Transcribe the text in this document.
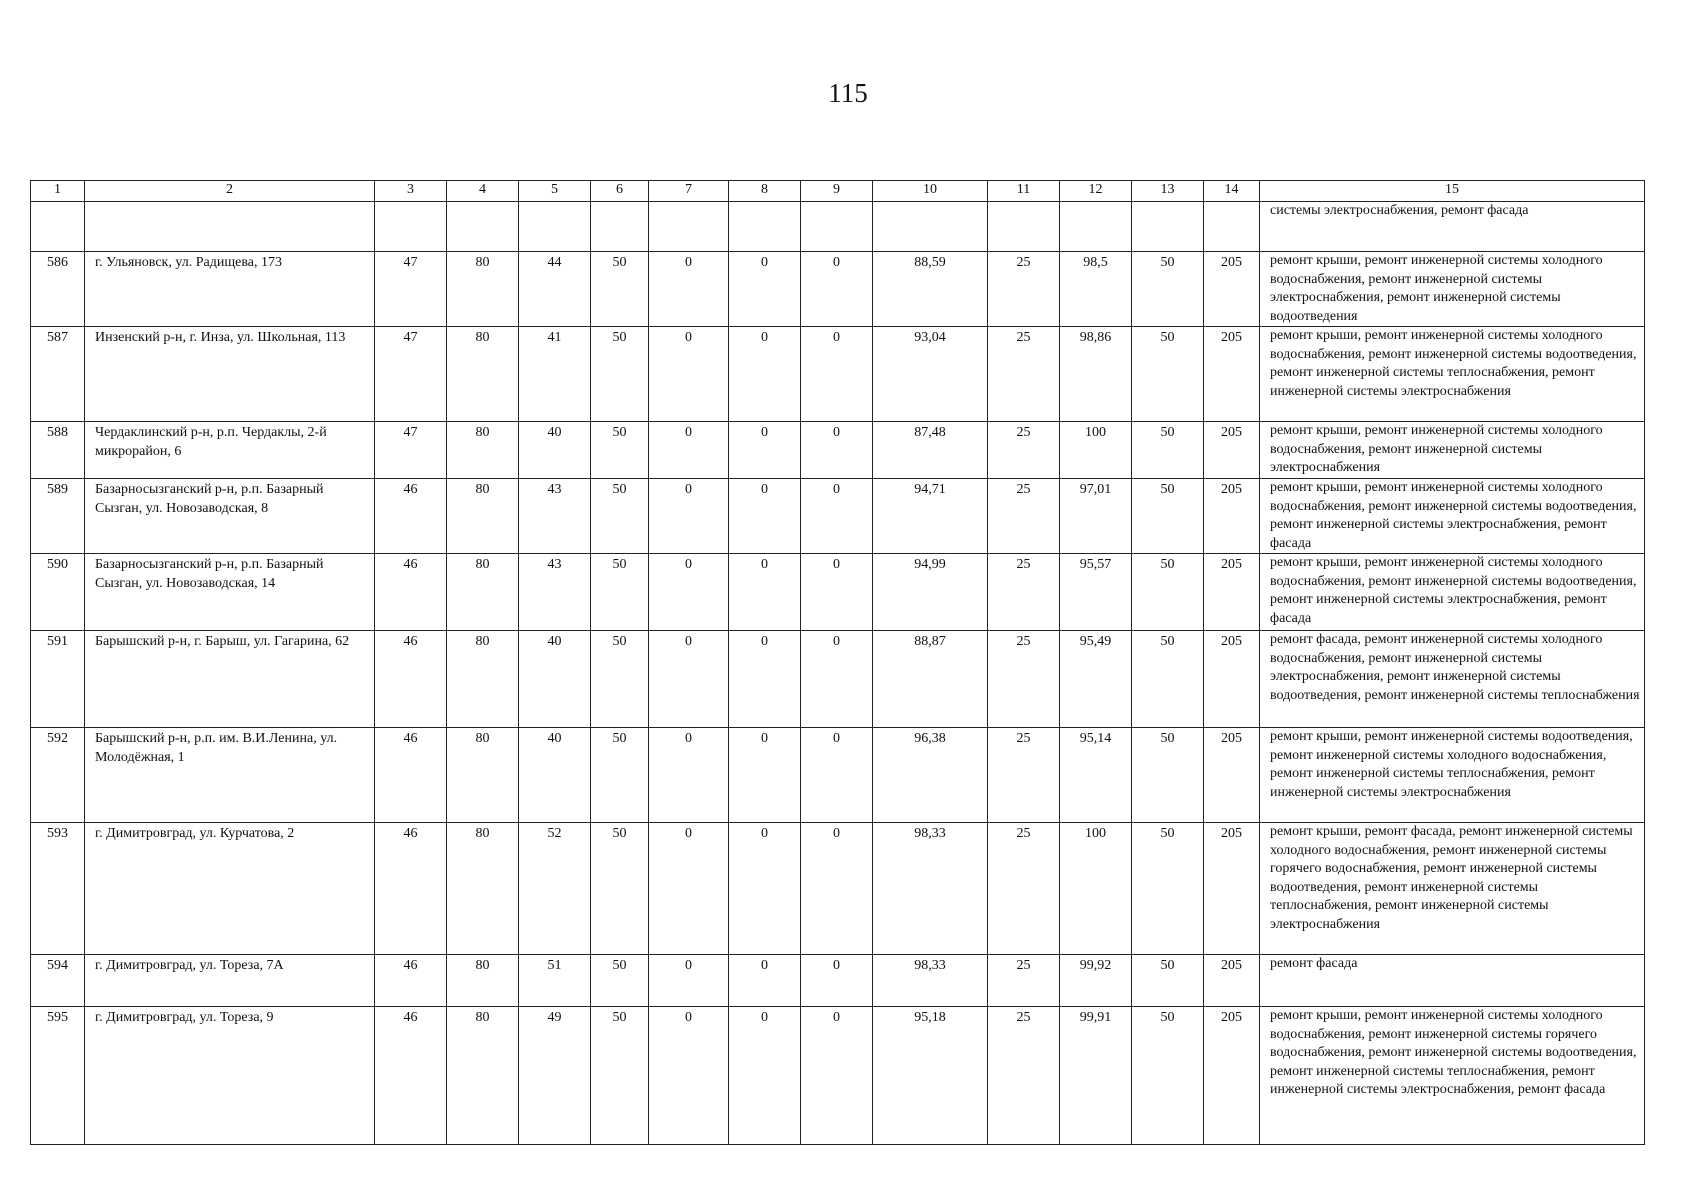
115
1	2	3	4	5	6	7	8	9	10	11	12	13	14	15
														системы электроснабжения, ремонт фасада
586	г. Ульяновск, ул. Радищева, 173	47	80	44	50	0	0	0	88,59	25	98,5	50	205	ремонт крыши, ремонт инженерной системы холодного водоснабжения, ремонт инженерной системы электроснабжения, ремонт инженерной системы водоотведения
587	Инзенский р-н, г. Инза, ул. Школьная, 113	47	80	41	50	0	0	0	93,04	25	98,86	50	205	ремонт крыши, ремонт инженерной системы холодного водоснабжения, ремонт инженерной системы водоотведения, ремонт инженерной системы теплоснабжения, ремонт инженерной системы электроснабжения
588	Чердаклинский р-н, р.п. Чердаклы, 2-й микрорайон, 6	47	80	40	50	0	0	0	87,48	25	100	50	205	ремонт крыши, ремонт инженерной системы холодного водоснабжения, ремонт инженерной системы электроснабжения
589	Базарносызганский р-н, р.п. Базарный Сызган, ул. Новозаводская, 8	46	80	43	50	0	0	0	94,71	25	97,01	50	205	ремонт крыши, ремонт инженерной системы холодного водоснабжения, ремонт инженерной системы водоотведения, ремонт инженерной системы электроснабжения, ремонт фасада
590	Базарносызганский р-н, р.п. Базарный Сызган, ул. Новозаводская, 14	46	80	43	50	0	0	0	94,99	25	95,57	50	205	ремонт крыши, ремонт инженерной системы холодного водоснабжения, ремонт инженерной системы водоотведения, ремонт инженерной системы электроснабжения, ремонт фасада
591	Барышский р-н, г. Барыш, ул. Гагарина, 62	46	80	40	50	0	0	0	88,87	25	95,49	50	205	ремонт фасада, ремонт инженерной системы холодного водоснабжения, ремонт инженерной системы электроснабжения, ремонт инженерной системы водоотведения, ремонт инженерной системы теплоснабжения
592	Барышский р-н, р.п. им. В.И.Ленина, ул. Молодёжная, 1	46	80	40	50	0	0	0	96,38	25	95,14	50	205	ремонт крыши, ремонт инженерной системы водоотведения, ремонт инженерной системы холодного водоснабжения, ремонт инженерной системы теплоснабжения, ремонт инженерной системы электроснабжения
593	г. Димитровград, ул. Курчатова, 2	46	80	52	50	0	0	0	98,33	25	100	50	205	ремонт крыши, ремонт фасада, ремонт инженерной системы холодного водоснабжения, ремонт инженерной системы горячего водоснабжения, ремонт инженерной системы водоотведения, ремонт инженерной системы теплоснабжения, ремонт инженерной системы электроснабжения
594	г. Димитровград, ул. Тореза, 7А	46	80	51	50	0	0	0	98,33	25	99,92	50	205	ремонт фасада
595	г. Димитровград, ул. Тореза, 9	46	80	49	50	0	0	0	95,18	25	99,91	50	205	ремонт крыши, ремонт инженерной системы холодного водоснабжения, ремонт инженерной системы горячего водоснабжения, ремонт инженерной системы водоотведения, ремонт инженерной системы теплоснабжения, ремонт инженерной системы электроснабжения, ремонт фасада
